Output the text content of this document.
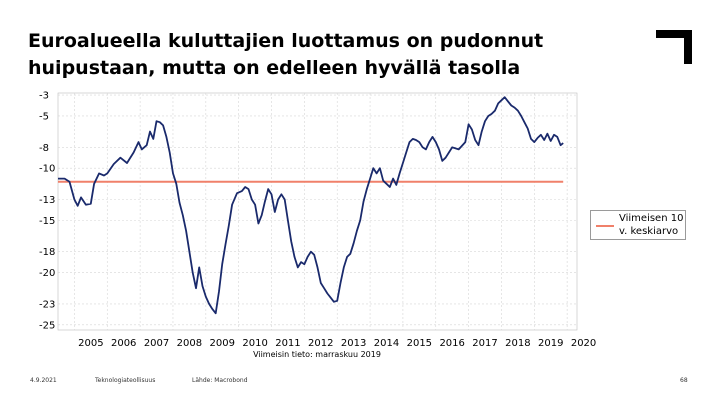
Euroalueella kuluttajien luottamus on pudonnut
huipustaan, mutta on edelleen hyvällä tasolla
-3
-5
-8
-10
-13
-15
-18
-20
-23
-25
2005 2006 2007 2008 2009 2010 2011 2012 2013 2014 2015 2016 2017 2018 2019 2020
Viimeisin tieto: marraskuu 2019
Viimeisen 10 v. keskiarvo
4.9.2021	Teknologiateollisuus	Lähde: Macrobond	68
